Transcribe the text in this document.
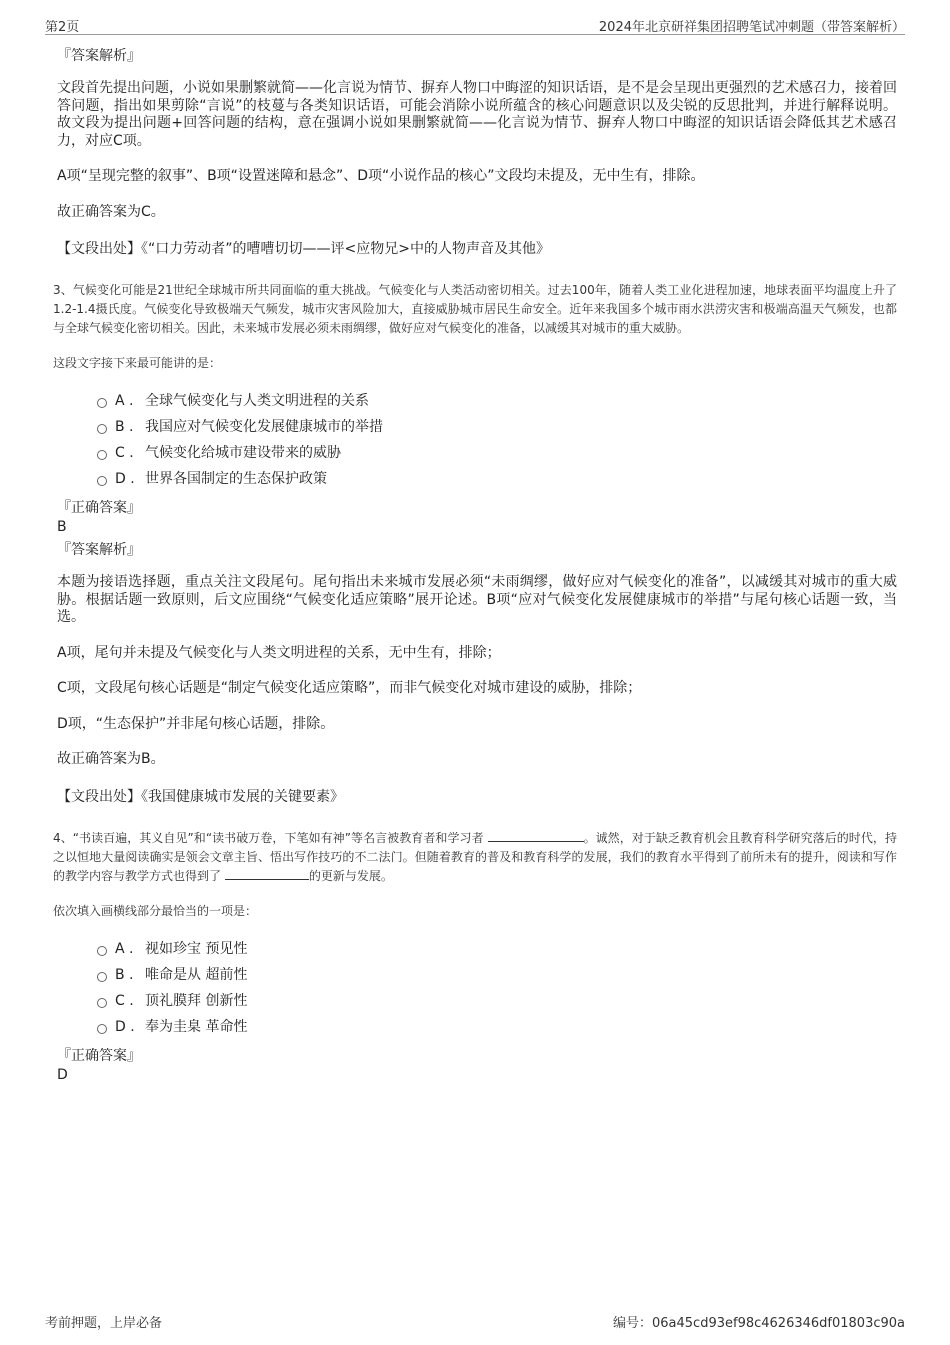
第2页	2024年北京研祥集团招聘笔试冲刺题（带答案解析）
『答案解析』

文段首先提出问题，小说如果删繁就简——化言说为情节、摒弃人物口中晦涩的知识话语，是不是会呈现出更强烈的艺术感召力，接着回答问题，指出如果剪除“言说”的枝蔓与各类知识话语，可能会消除小说所蕴含的核心问题意识以及尖锐的反思批判，并进行解释说明。故文段为提出问题+回答问题的结构，意在强调小说如果删繁就简——化言说为情节、摒弃人物口中晦涩的知识话语会降低其艺术感召力，对应C项。

A项“呈现完整的叙事”、B项“设置迷障和悬念”、D项“小说作品的核心”文段均未提及，无中生有，排除。

故正确答案为C。

【文段出处】《“口力劳动者”的嘈嘈切切——评<应物兄>中的人物声音及其他》

3、气候变化可能是21世纪全球城市所共同面临的重大挑战。气候变化与人类活动密切相关。过去100年，随着人类工业化进程加速，地球表面平均温度上升了1.2-1.4摄氏度。气候变化导致极端天气频发，城市灾害风险加大，直接威胁城市居民生命安全。近年来我国多个城市雨水洪涝灾害和极端高温天气频发，也都与全球气候变化密切相关。因此，未来城市发展必须未雨绸缪，做好应对气候变化的准备，以减缓其对城市的重大威胁。

这段文字接下来最可能讲的是：

A . 全球气候变化与人类文明进程的关系
B . 我国应对气候变化发展健康城市的举措
C . 气候变化给城市建设带来的威胁
D . 世界各国制定的生态保护政策
『正确答案』
B
『答案解析』

本题为接语选择题，重点关注文段尾句。尾句指出未来城市发展必须“未雨绸缪，做好应对气候变化的准备”，以减缓其对城市的重大威胁。根据话题一致原则，后文应围绕“气候变化适应策略”展开论述。B项“应对气候变化发展健康城市的举措”与尾句核心话题一致，当选。

A项，尾句并未提及气候变化与人类文明进程的关系，无中生有，排除；

C项，文段尾句核心话题是“制定气候变化适应策略”，而非气候变化对城市建设的威胁，排除；

D项，“生态保护”并非尾句核心话题，排除。

故正确答案为B。

【文段出处】《我国健康城市发展的关键要素》

4、“书读百遍，其义自见”和“读书破万卷，下笔如有神”等名言被教育者和学习者	。诚然，对于缺乏教育机会且教育科学研究落后的时代，持之以恒地大量阅读确实是领会文章主旨、悟出写作技巧的不二法门。但随着教育的普及和教育科学的发展，我们的教育水平得到了前所未有的提升，阅读和写作的教学内容与教学方式也得到了	的更新与发展。

依次填入画横线部分最恰当的一项是：

A . 视如珍宝 预见性
B . 唯命是从 超前性
C . 顶礼膜拜 创新性
D . 奉为圭臬 革命性
『正确答案』
D
考前押题，上岸必备	编号：06a45cd93ef98c4626346df01803c90a
